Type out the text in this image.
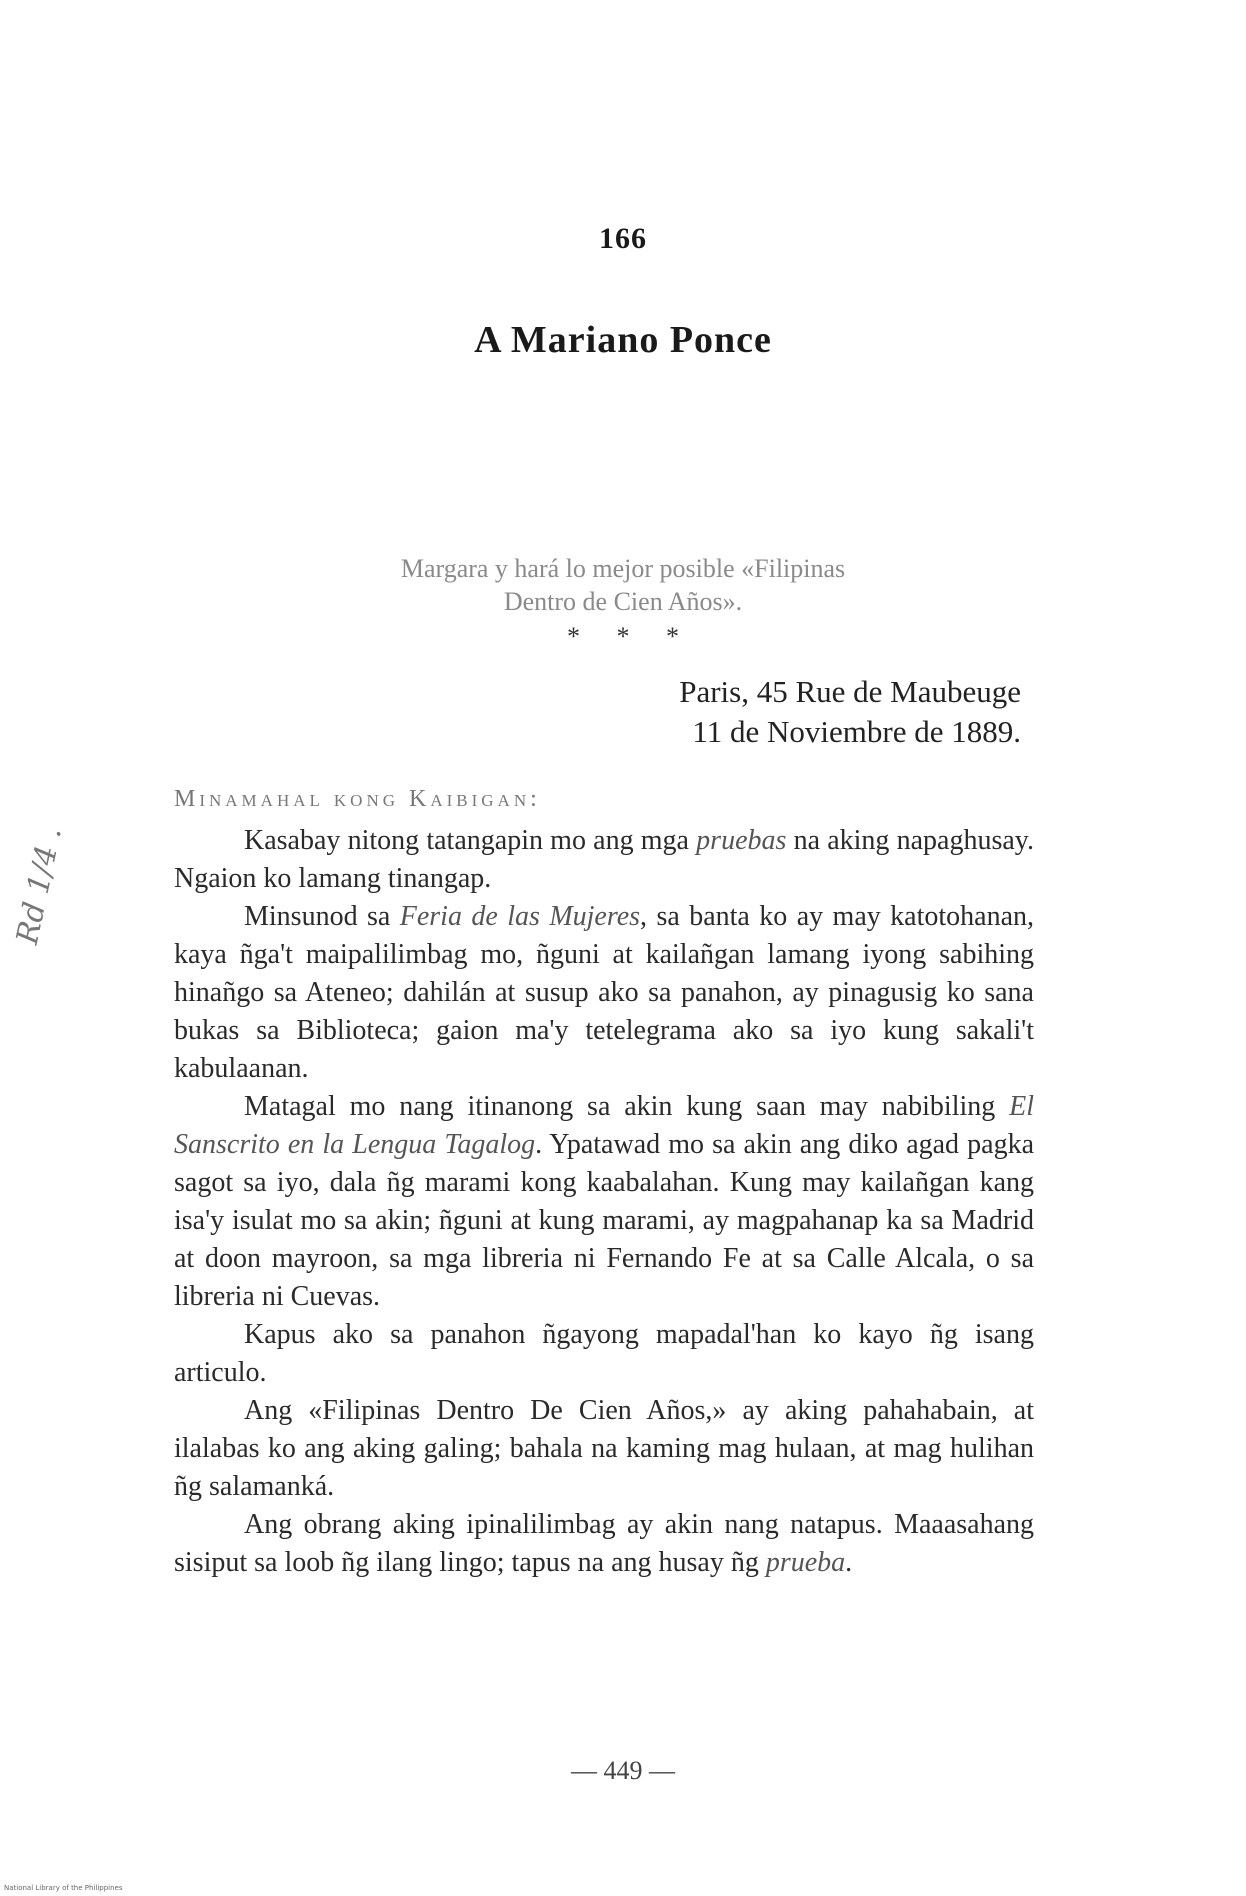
166
A Mariano Ponce
Margara y hará lo mejor posible «Filipinas
Dentro de Cien Años».
* * *
Paris, 45 Rue de Maubeuge
11 de Noviembre de 1889.
Minamahal kong Kaibigan:

Kasabay nitong tatangapin mo ang mga pruebas na aking napaghusay. Ngaion ko lamang tinangap.

Minsunod sa Feria de las Mujeres, sa banta ko ay may katotohanan, kaya ñga't maipalilimbag mo, ñguni at kailañgan lamang iyong sabihing hinañgo sa Ateneo; dahilán at susup ako sa panahon, ay pinagusig ko sana bukas sa Biblioteca; gaion ma'y tetelegrama ako sa iyo kung sakali't kabulaanan.

Matagal mo nang itinanong sa akin kung saan may nabibiling El Sanscrito en la Lengua Tagalog. Ypatawad mo sa akin ang diko agad pagka sagot sa iyo, dala ñg marami kong kaabalahan. Kung may kailañgan kang isa'y isulat mo sa akin; ñguni at kung marami, ay magpahanap ka sa Madrid at doon mayroon, sa mga libreria ni Fernando Fe at sa Calle Alcala, o sa libreria ni Cuevas.

Kapus ako sa panahon ñgayong mapadal'han ko kayo ñg isang articulo.

Ang «Filipinas Dentro De Cien Años,» ay aking pahahabain, at ilalabas ko ang aking galing; bahala na kaming mag hulaan, at mag hulihan ñg salamanká.

Ang obrang aking ipinalilimbag ay akin nang natapus. Maaasahang sisiput sa loob ñg ilang lingo; tapus na ang husay ñg prueba.

— 449 —
Rd 1/4 .
National Library of the Philippines
